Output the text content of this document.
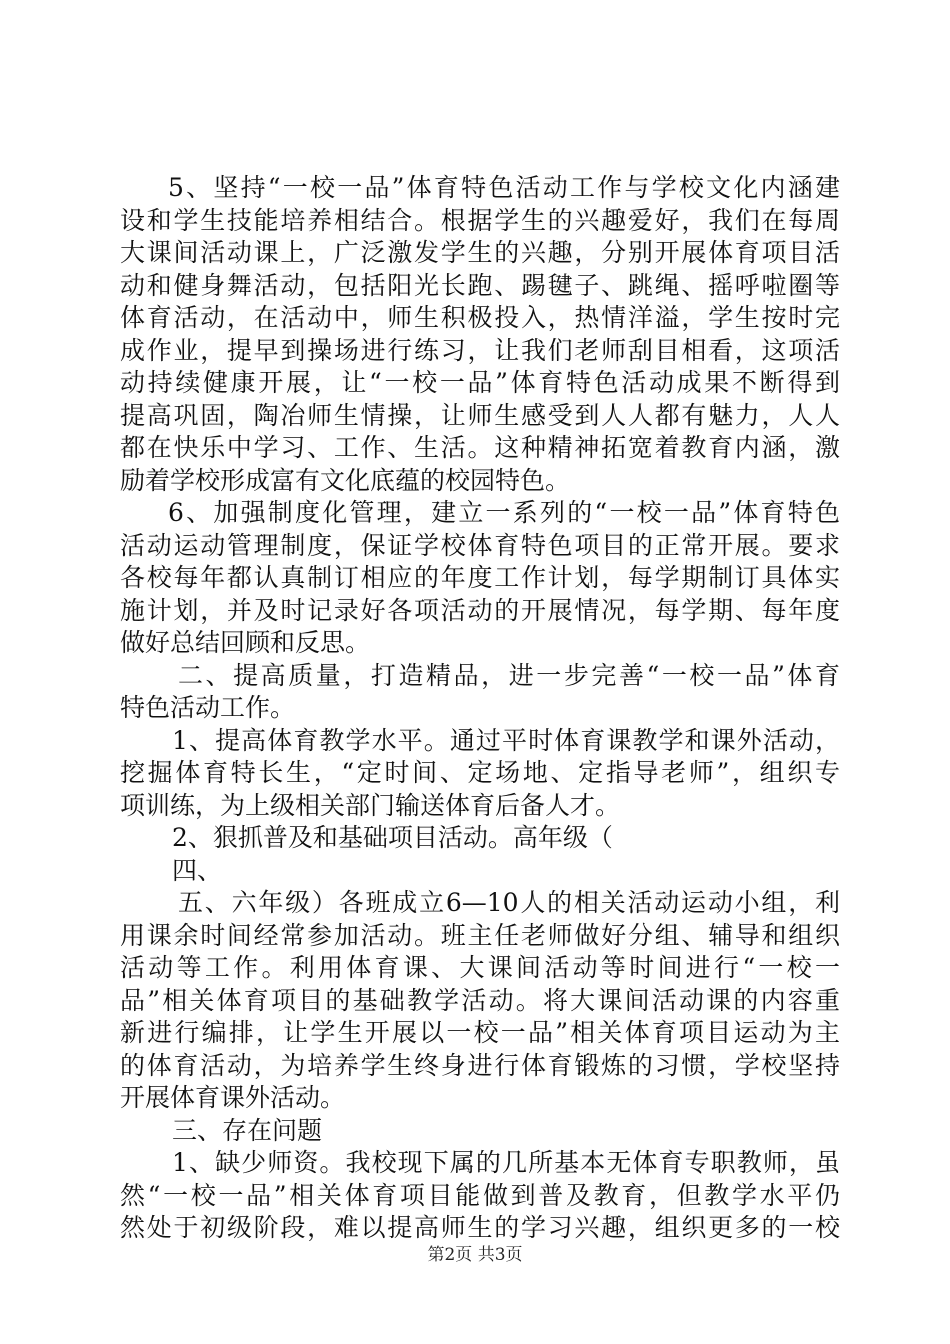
5、坚持“一校一品”体育特色活动工作与学校文化内涵建
设和学生技能培养相结合。根据学生的兴趣爱好，我们在每周
大课间活动课上，广泛激发学生的兴趣，分别开展体育项目活
动和健身舞活动，包括阳光长跑、踢毽子、跳绳、摇呼啦圈等
体育活动，在活动中，师生积极投入，热情洋溢，学生按时完
成作业，提早到操场进行练习，让我们老师刮目相看，这项活
动持续健康开展，让“一校一品”体育特色活动成果不断得到
提高巩固，陶冶师生情操，让师生感受到人人都有魅力，人人
都在快乐中学习、工作、生活。这种精神拓宽着教育内涵，激
励着学校形成富有文化底蕴的校园特色。
6、加强制度化管理，建立一系列的“一校一品”体育特色
活动运动管理制度，保证学校体育特色项目的正常开展。要求
各校每年都认真制订相应的年度工作计划，每学期制订具体实
施计划，并及时记录好各项活动的开展情况，每学期、每年度
做好总结回顾和反思。
二、提高质量，打造精品，进一步完善“一校一品”体育
特色活动工作。
1、提高体育教学水平。通过平时体育课教学和课外活动，
挖掘体育特长生，“定时间、定场地、定指导老师”，组织专
项训练，为上级相关部门输送体育后备人才。
2、狠抓普及和基础项目活动。高年级（
四、
五、六年级）各班成立6—10人的相关活动运动小组，利
用课余时间经常参加活动。班主任老师做好分组、辅导和组织
活动等工作。利用体育课、大课间活动等时间进行“一校一
品”相关体育项目的基础教学活动。将大课间活动课的内容重
新进行编排，让学生开展以一校一品”相关体育项目运动为主
的体育活动，为培养学生终身进行体育锻炼的习惯，学校坚持
开展体育课外活动。
三、存在问题
1、缺少师资。我校现下属的几所基本无体育专职教师，虽
然“一校一品”相关体育项目能做到普及教育，但教学水平仍
然处于初级阶段，难以提高师生的学习兴趣，组织更多的一校
第2页 共3页
